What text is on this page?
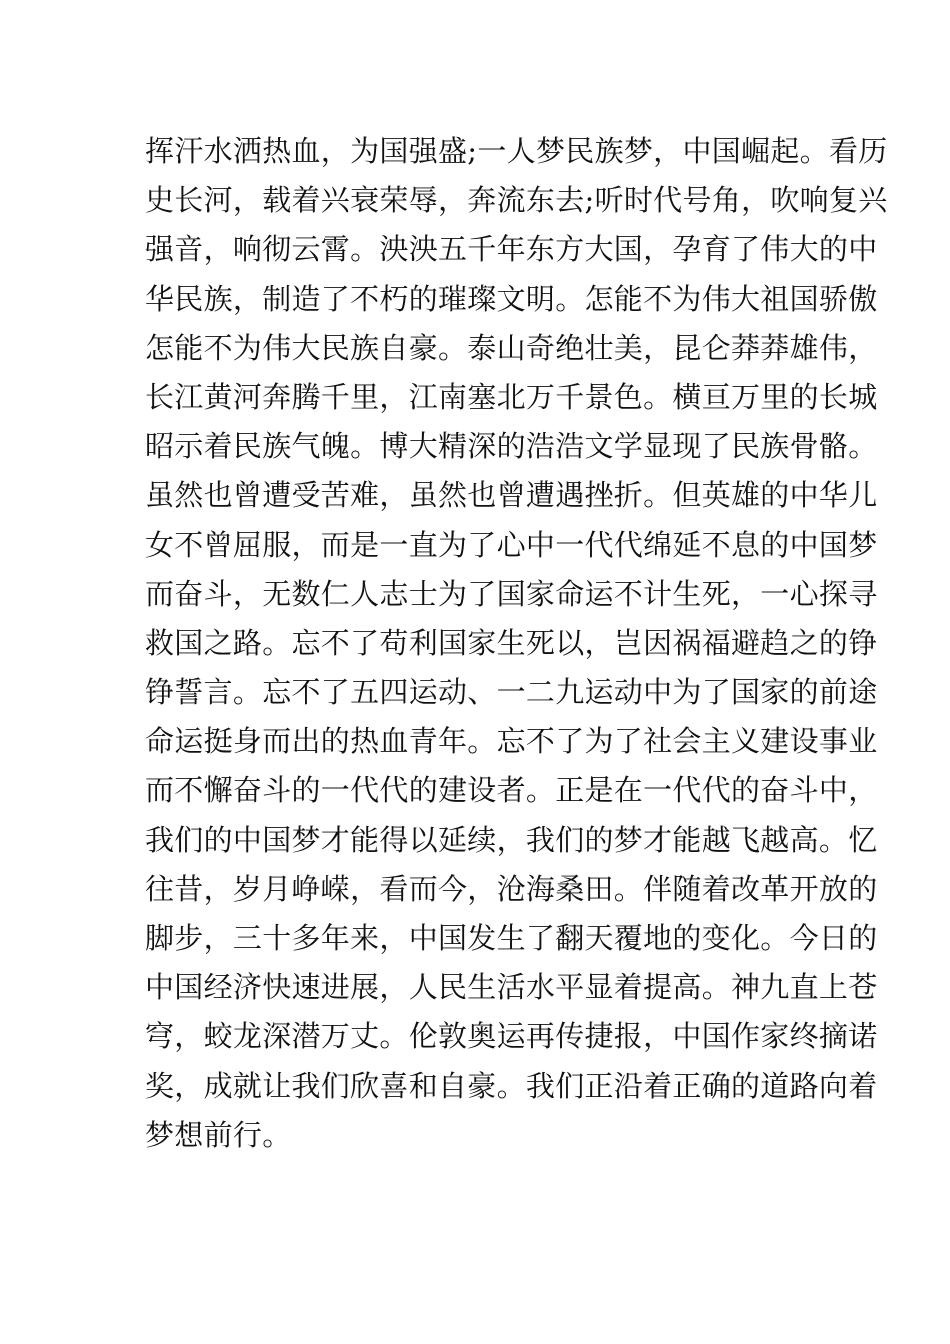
挥汗水洒热血，为国强盛;一人梦民族梦，中国崛起。看历
史长河，载着兴衰荣辱，奔流东去;听时代号角，吹响复兴
强音，响彻云霄。泱泱五千年东方大国，孕育了伟大的中
华民族，制造了不朽的璀璨文明。怎能不为伟大祖国骄傲
怎能不为伟大民族自豪。泰山奇绝壮美，昆仑莽莽雄伟，
长江黄河奔腾千里，江南塞北万千景色。横亘万里的长城
昭示着民族气魄。博大精深的浩浩文学显现了民族骨骼。
虽然也曾遭受苦难，虽然也曾遭遇挫折。但英雄的中华儿
女不曾屈服，而是一直为了心中一代代绵延不息的中国梦
而奋斗，无数仁人志士为了国家命运不计生死，一心探寻
救国之路。忘不了苟利国家生死以，岂因祸福避趋之的铮
铮誓言。忘不了五四运动、一二九运动中为了国家的前途
命运挺身而出的热血青年。忘不了为了社会主义建设事业
而不懈奋斗的一代代的建设者。正是在一代代的奋斗中，
我们的中国梦才能得以延续，我们的梦才能越飞越高。忆
往昔，岁月峥嵘，看而今，沧海桑田。伴随着改革开放的
脚步，三十多年来，中国发生了翻天覆地的变化。今日的
中国经济快速进展，人民生活水平显着提高。神九直上苍
穹，蛟龙深潜万丈。伦敦奥运再传捷报，中国作家终摘诺
奖，成就让我们欣喜和自豪。我们正沿着正确的道路向着
梦想前行。
